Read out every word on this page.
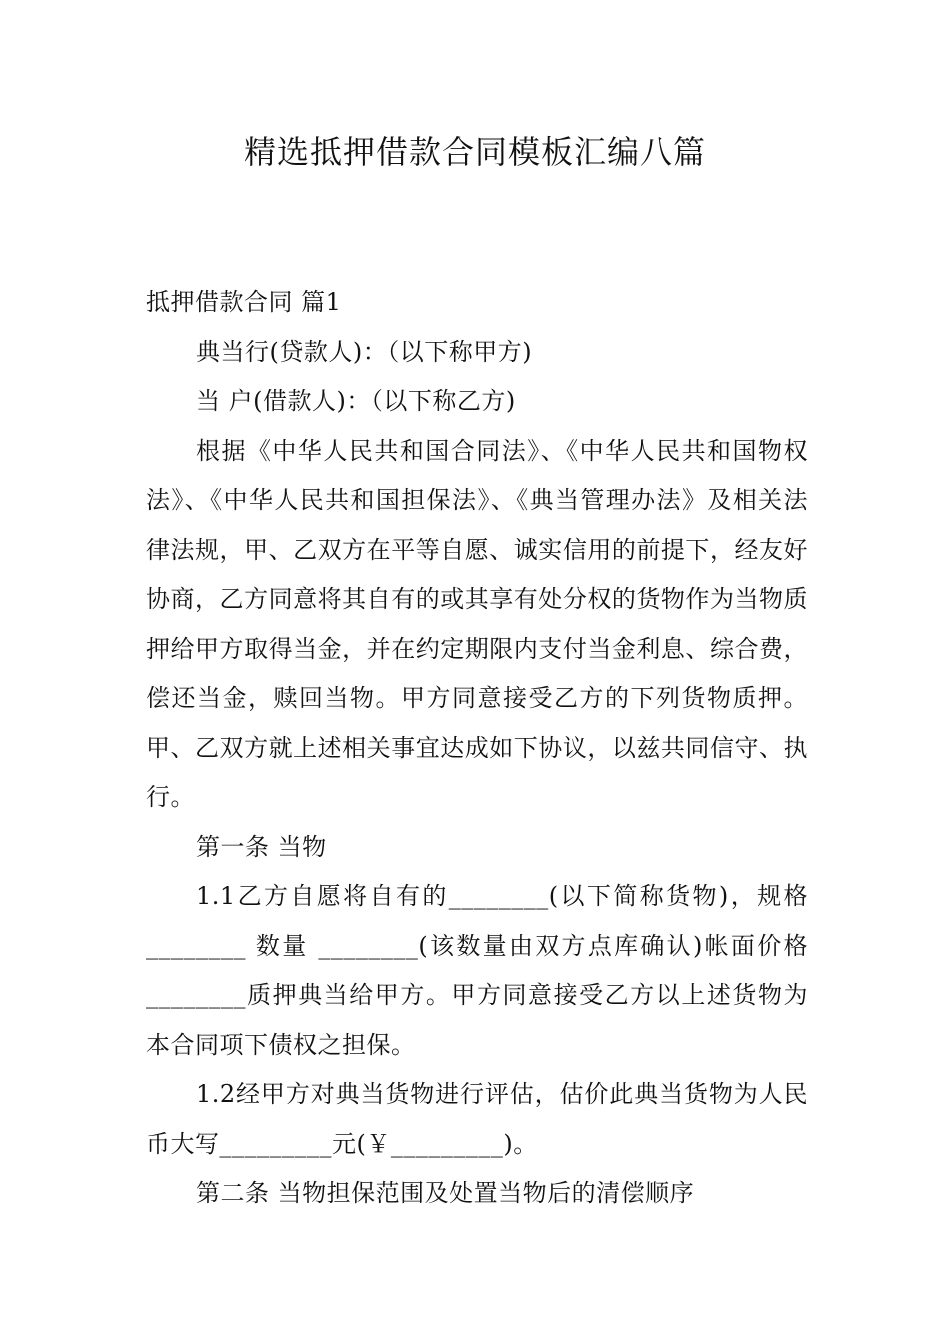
精选抵押借款合同模板汇编八篇

抵押借款合同 篇1

典当行(贷款人)：（以下称甲方)

当 户(借款人)：（以下称乙方)

根据《中华人民共和国合同法》、《中华人民共和国物权法》、《中华人民共和国担保法》、《典当管理办法》及相关法律法规，甲、乙双方在平等自愿、诚实信用的前提下，经友好协商，乙方同意将其自有的或其享有处分权的货物作为当物质押给甲方取得当金，并在约定期限内支付当金利息、综合费，偿还当金，赎回当物。甲方同意接受乙方的下列货物质押。甲、乙双方就上述相关事宜达成如下协议，以兹共同信守、执行。

第一条 当物

1.1乙方自愿将自有的________(以下简称货物)，规格________ 数量 ________(该数量由双方点库确认)帐面价格 ________质押典当给甲方。甲方同意接受乙方以上述货物为本合同项下债权之担保。

1.2经甲方对典当货物进行评估，估价此典当货物为人民币大写_________元(￥_________)。

第二条 当物担保范围及处置当物后的清偿顺序
